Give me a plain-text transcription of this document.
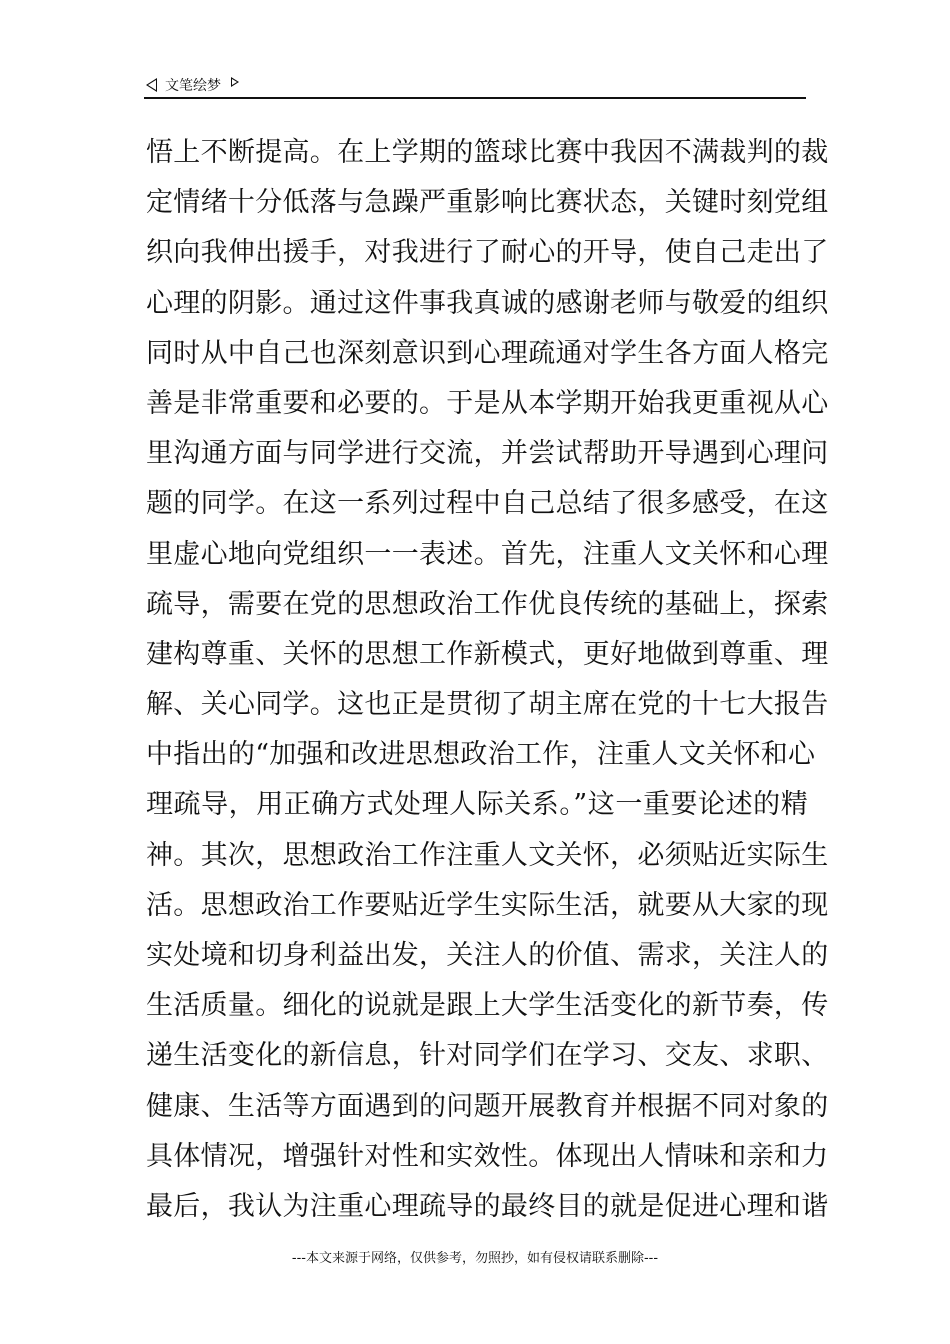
文笔绘梦
悟上不断提高。在上学期的篮球比赛中我因不满裁判的裁
定情绪十分低落与急躁严重影响比赛状态，关键时刻党组
织向我伸出援手，对我进行了耐心的开导，使自己走出了
心理的阴影。通过这件事我真诚的感谢老师与敬爱的组织
同时从中自己也深刻意识到心理疏通对学生各方面人格完
善是非常重要和必要的。于是从本学期开始我更重视从心
里沟通方面与同学进行交流，并尝试帮助开导遇到心理问
题的同学。在这一系列过程中自己总结了很多感受，在这
里虚心地向党组织一一表述。首先，注重人文关怀和心理
疏导，需要在党的思想政治工作优良传统的基础上，探索
建构尊重、关怀的思想工作新模式，更好地做到尊重、理
解、关心同学。这也正是贯彻了胡主席在党的十七大报告
中指出的“加强和改进思想政治工作，注重人文关怀和心
理疏导，用正确方式处理人际关系。”这一重要论述的精
神。其次，思想政治工作注重人文关怀，必须贴近实际生
活。思想政治工作要贴近学生实际生活，就要从大家的现
实处境和切身利益出发，关注人的价值、需求，关注人的
生活质量。细化的说就是跟上大学生活变化的新节奏，传
递生活变化的新信息，针对同学们在学习、交友、求职、
健康、生活等方面遇到的问题开展教育并根据不同对象的
具体情况，增强针对性和实效性。体现出人情味和亲和力
最后，我认为注重心理疏导的最终目的就是促进心理和谐
---本文来源于网络，仅供参考，勿照抄，如有侵权请联系删除---
